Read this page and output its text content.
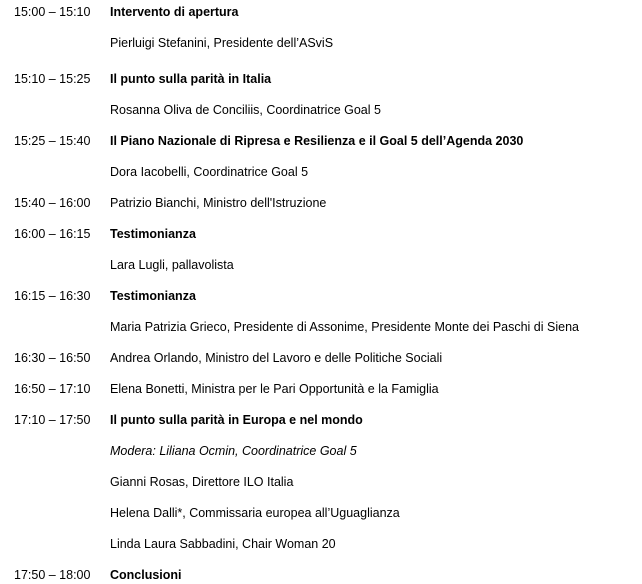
15:00 – 15:10	Intervento di apertura
Pierluigi Stefanini, Presidente dell’ASviS
15:10 – 15:25	Il punto sulla parità in Italia
Rosanna Oliva de Conciliis, Coordinatrice Goal 5
15:25 – 15:40	Il Piano Nazionale di Ripresa e Resilienza e il Goal 5 dell’Agenda 2030
Dora Iacobelli, Coordinatrice Goal 5
15:40 – 16:00	Patrizio Bianchi, Ministro dell'Istruzione
16:00 – 16:15	Testimonianza
Lara Lugli, pallavolista
16:15 – 16:30	Testimonianza
Maria Patrizia Grieco, Presidente di Assonime, Presidente Monte dei Paschi di Siena
16:30 – 16:50	Andrea Orlando, Ministro del Lavoro e delle Politiche Sociali
16:50 – 17:10	Elena Bonetti, Ministra per le Pari Opportunità e la Famiglia
17:10 – 17:50	Il punto sulla parità in Europa e nel mondo
Modera: Liliana Ocmin, Coordinatrice Goal 5
Gianni Rosas, Direttore ILO Italia
Helena Dalli*, Commissaria europea all’Uguaglianza
Linda Laura Sabbadini, Chair Woman 20
17:50 – 18:00	Conclusioni
